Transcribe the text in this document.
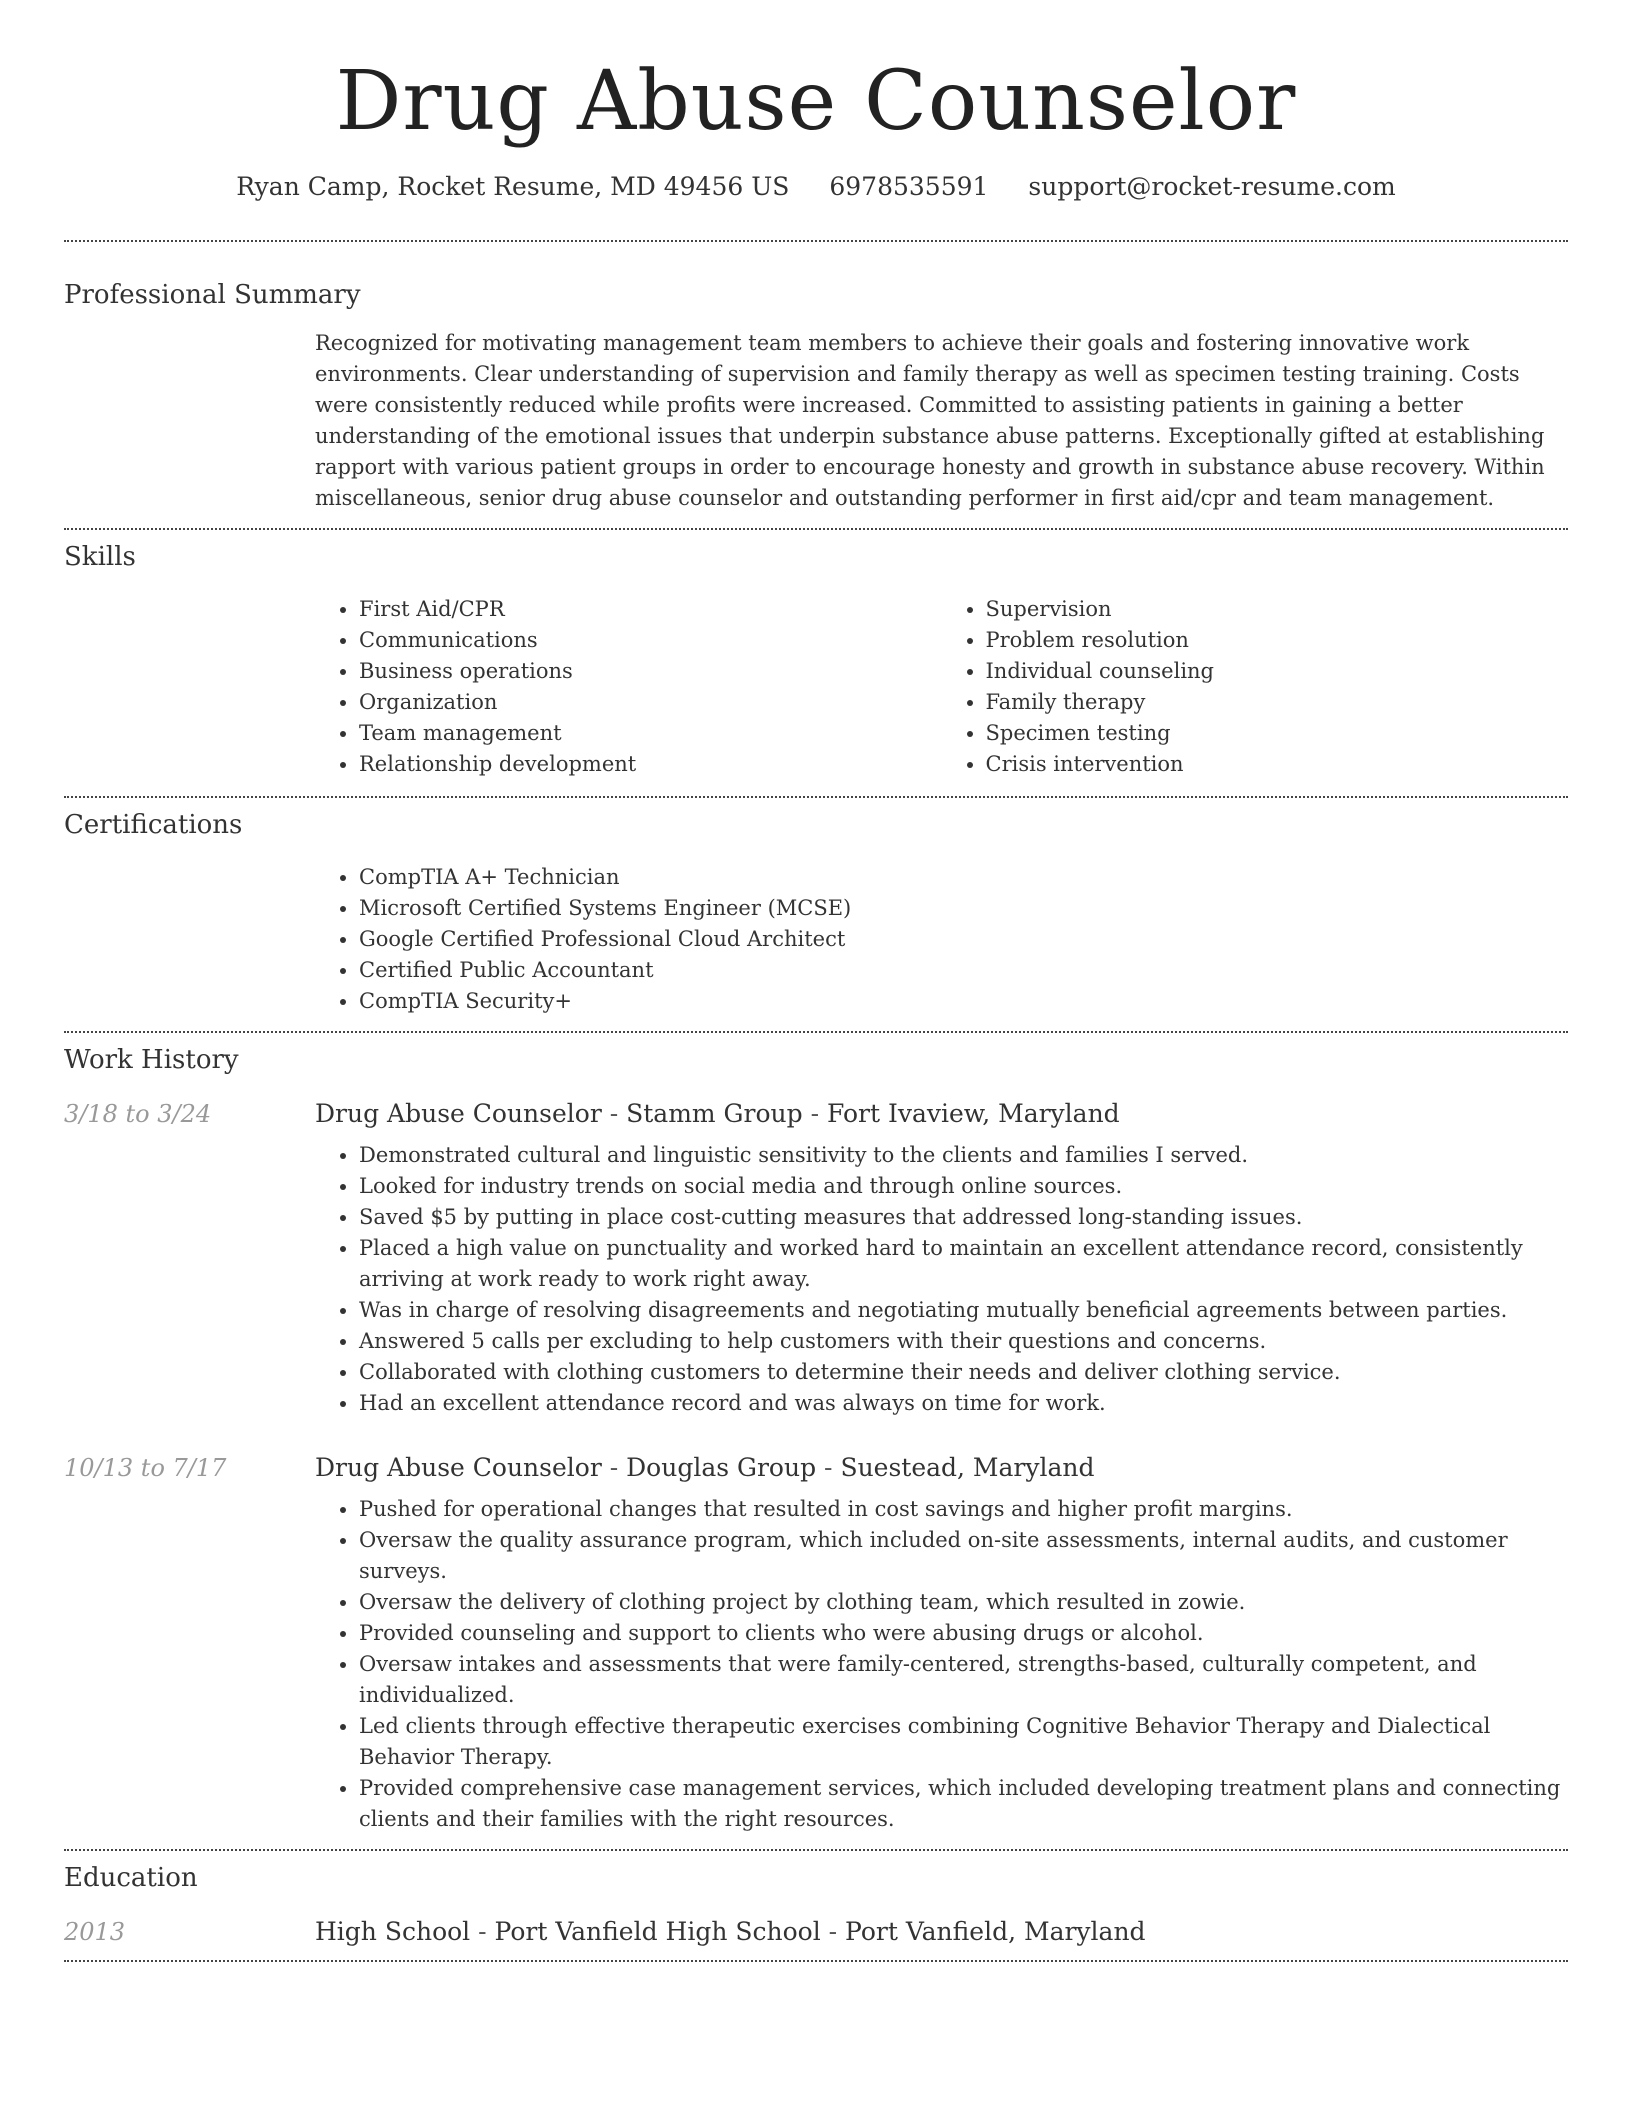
Drug Abuse Counselor
Ryan Camp, Rocket Resume, MD 49456 US 6978535591 support@rocket-resume.com
Professional Summary
Recognized for motivating management team members to achieve their goals and fostering innovative work environments. Clear understanding of supervision and family therapy as well as specimen testing training. Costs were consistently reduced while profits were increased. Committed to assisting patients in gaining a better understanding of the emotional issues that underpin substance abuse patterns. Exceptionally gifted at establishing rapport with various patient groups in order to encourage honesty and growth in substance abuse recovery. Within miscellaneous, senior drug abuse counselor and outstanding performer in first aid/cpr and team management.
Skills
• First Aid/CPR
• Communications
• Business operations
• Organization
• Team management
• Relationship development
• Supervision
• Problem resolution
• Individual counseling
• Family therapy
• Specimen testing
• Crisis intervention
Certifications
• CompTIA A+ Technician
• Microsoft Certified Systems Engineer (MCSE)
• Google Certified Professional Cloud Architect
• Certified Public Accountant
• CompTIA Security+
Work History
3/18 to 3/24	Drug Abuse Counselor - Stamm Group - Fort Ivaview, Maryland
• Demonstrated cultural and linguistic sensitivity to the clients and families I served.
• Looked for industry trends on social media and through online sources.
• Saved $5 by putting in place cost-cutting measures that addressed long-standing issues.
• Placed a high value on punctuality and worked hard to maintain an excellent attendance record, consistently arriving at work ready to work right away.
• Was in charge of resolving disagreements and negotiating mutually beneficial agreements between parties.
• Answered 5 calls per excluding to help customers with their questions and concerns.
• Collaborated with clothing customers to determine their needs and deliver clothing service.
• Had an excellent attendance record and was always on time for work.
10/13 to 7/17	Drug Abuse Counselor - Douglas Group - Suestead, Maryland
• Pushed for operational changes that resulted in cost savings and higher profit margins.
• Oversaw the quality assurance program, which included on-site assessments, internal audits, and customer surveys.
• Oversaw the delivery of clothing project by clothing team, which resulted in zowie.
• Provided counseling and support to clients who were abusing drugs or alcohol.
• Oversaw intakes and assessments that were family-centered, strengths-based, culturally competent, and individualized.
• Led clients through effective therapeutic exercises combining Cognitive Behavior Therapy and Dialectical Behavior Therapy.
• Provided comprehensive case management services, which included developing treatment plans and connecting clients and their families with the right resources.
Education
2013	High School - Port Vanfield High School - Port Vanfield, Maryland
